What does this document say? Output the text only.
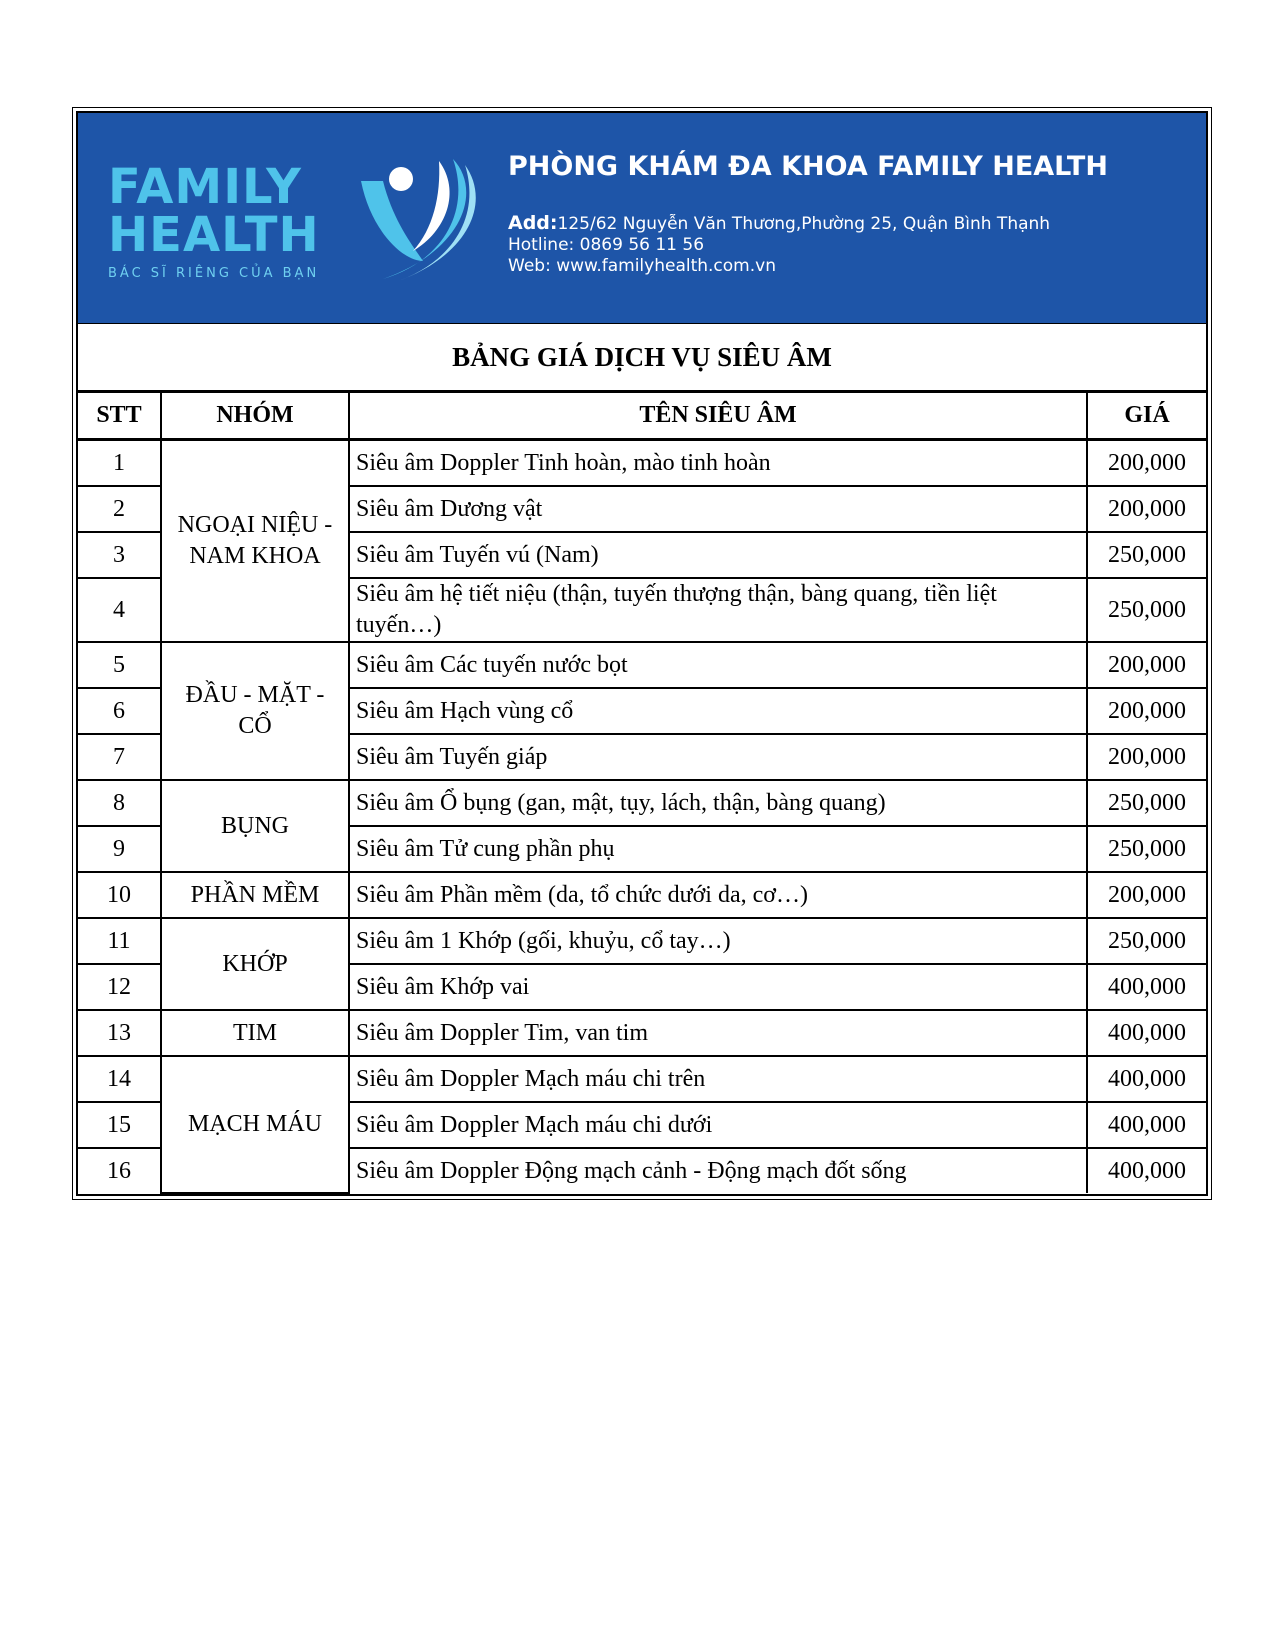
FAMILY
HEALTH
BÁC SĨ RIÊNG CỦA BẠN
PHÒNG KHÁM ĐA KHOA FAMILY HEALTH
Add:125/62 Nguyễn Văn Thương,Phường 25, Quận Bình Thạnh
Hotline: 0869 56 11 56
Web: www.familyhealth.com.vn
BẢNG GIÁ DỊCH VỤ SIÊU ÂM
STT	NHÓM	TÊN SIÊU ÂM	GIÁ
1	NGOẠI NIỆU - NAM KHOA	Siêu âm Doppler Tinh hoàn, mào tinh hoàn	200,000
2		Siêu âm Dương vật	200,000
3		Siêu âm Tuyến vú (Nam)	250,000
4		Siêu âm hệ tiết niệu (thận, tuyến thượng thận, bàng quang, tiền liệt tuyến…)	250,000
5	ĐẦU - MẶT - CỔ	Siêu âm Các tuyến nước bọt	200,000
6		Siêu âm Hạch vùng cổ	200,000
7		Siêu âm Tuyến giáp	200,000
8	BỤNG	Siêu âm Ổ bụng (gan, mật, tụy, lách, thận, bàng quang)	250,000
9		Siêu âm Tử cung phần phụ	250,000
10	PHẦN MỀM	Siêu âm Phần mềm (da, tổ chức dưới da, cơ…)	200,000
11	KHỚP	Siêu âm 1 Khớp (gối, khuỷu, cổ tay…)	250,000
12		Siêu âm Khớp vai	400,000
13	TIM	Siêu âm Doppler Tim, van tim	400,000
14	MẠCH MÁU	Siêu âm Doppler Mạch máu chi trên	400,000
15		Siêu âm Doppler Mạch máu chi dưới	400,000
16		Siêu âm Doppler Động mạch cảnh - Động mạch đốt sống	400,000
